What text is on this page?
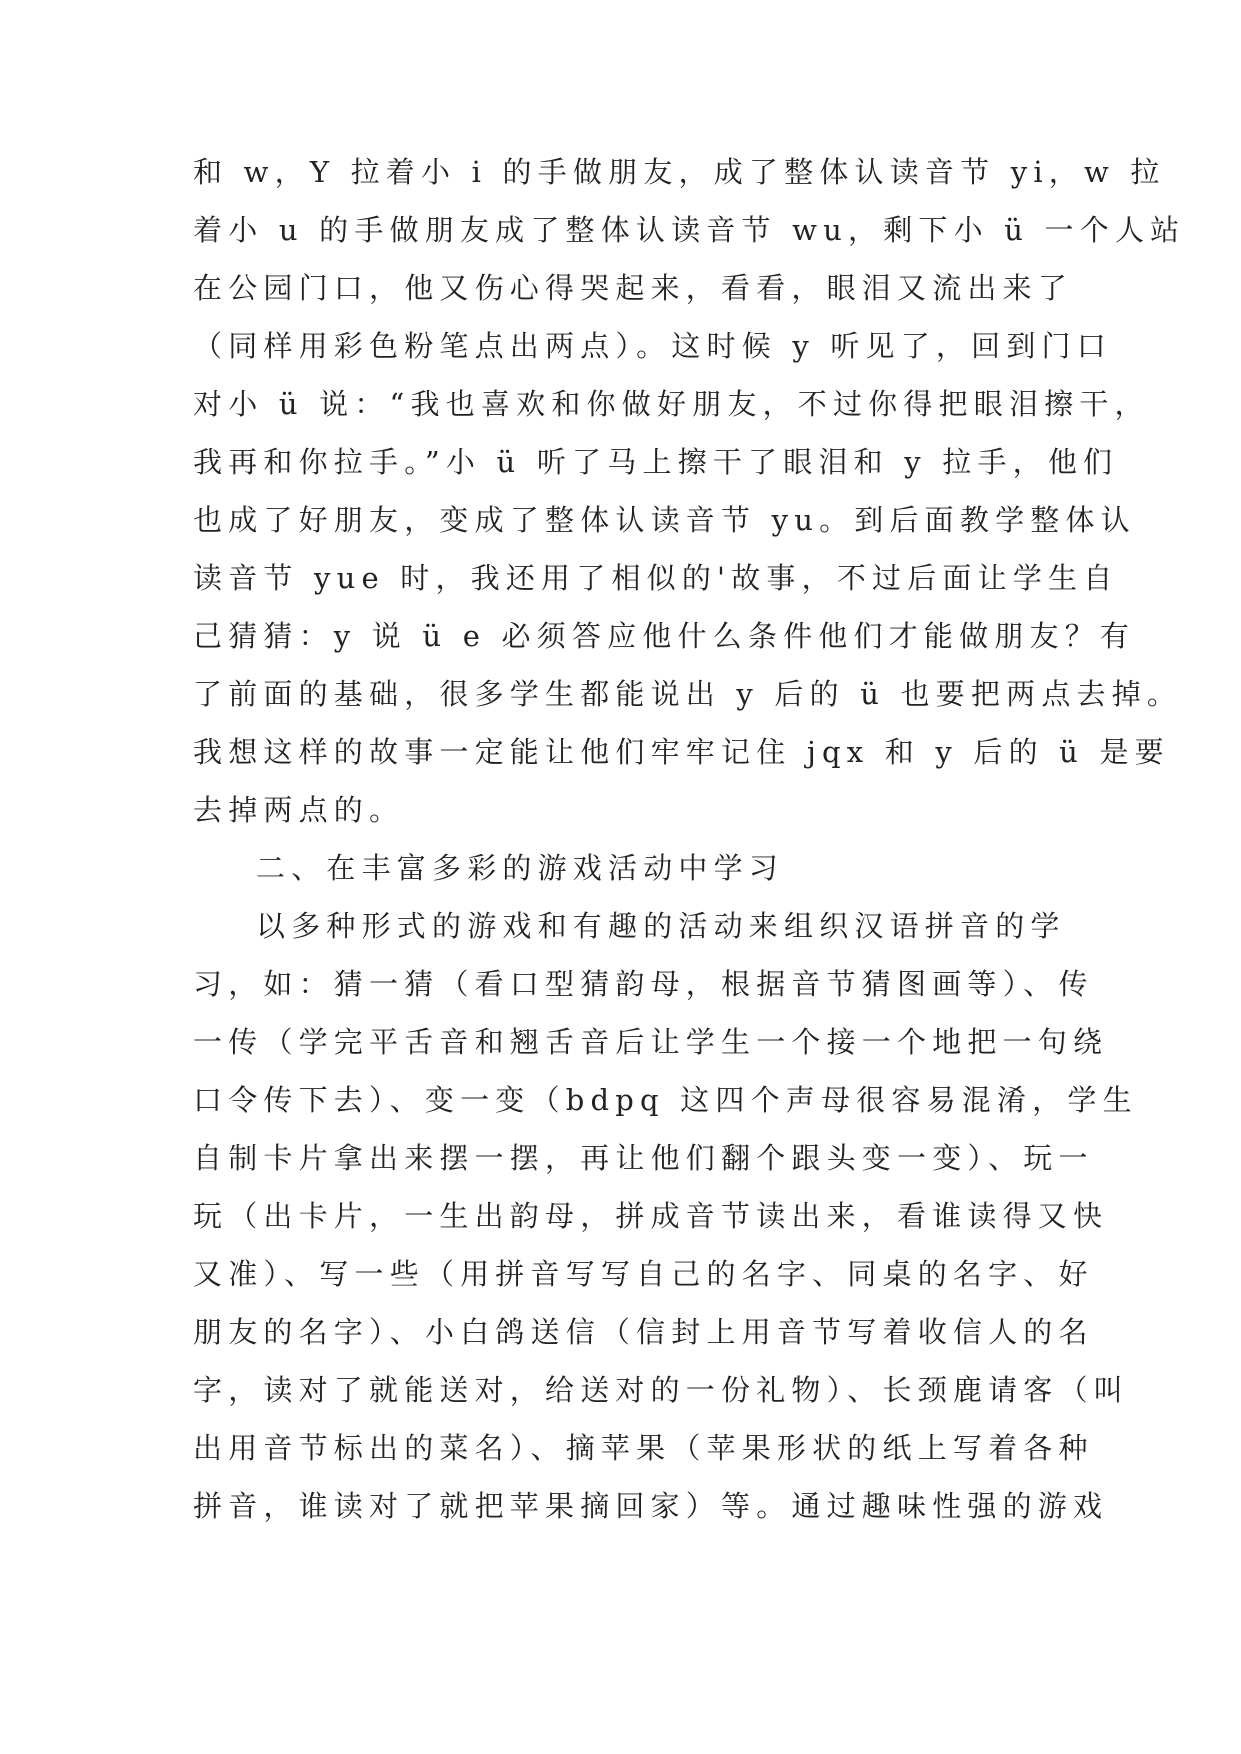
和 w，Y 拉着小 i 的手做朋友，成了整体认读音节 yi，w 拉
着小 u 的手做朋友成了整体认读音节 wu，剩下小 ü 一个人站
在公园门口，他又伤心得哭起来，看看，眼泪又流出来了
（同样用彩色粉笔点出两点）。这时候 y 听见了，回到门口
对小 ü 说：“我也喜欢和你做好朋友，不过你得把眼泪擦干，
我再和你拉手。”小 ü 听了马上擦干了眼泪和 y 拉手，他们
也成了好朋友，变成了整体认读音节 yu。到后面教学整体认
读音节 yue 时，我还用了相似的'故事，不过后面让学生自
己猜猜：y 说 ü e 必须答应他什么条件他们才能做朋友？有
了前面的基础，很多学生都能说出 y 后的 ü 也要把两点去掉。
我想这样的故事一定能让他们牢牢记住 jqx 和 y 后的 ü 是要
去掉两点的。
二、在丰富多彩的游戏活动中学习
以多种形式的游戏和有趣的活动来组织汉语拼音的学
习，如：猜一猜（看口型猜韵母，根据音节猜图画等）、传
一传（学完平舌音和翘舌音后让学生一个接一个地把一句绕
口令传下去）、变一变（bdpq 这四个声母很容易混淆，学生
自制卡片拿出来摆一摆，再让他们翻个跟头变一变）、玩一
玩（出卡片，一生出韵母，拼成音节读出来，看谁读得又快
又准）、写一些（用拼音写写自己的名字、同桌的名字、好
朋友的名字）、小白鸽送信（信封上用音节写着收信人的名
字，读对了就能送对，给送对的一份礼物）、长颈鹿请客（叫
出用音节标出的菜名）、摘苹果（苹果形状的纸上写着各种
拼音，谁读对了就把苹果摘回家）等。通过趣味性强的游戏
